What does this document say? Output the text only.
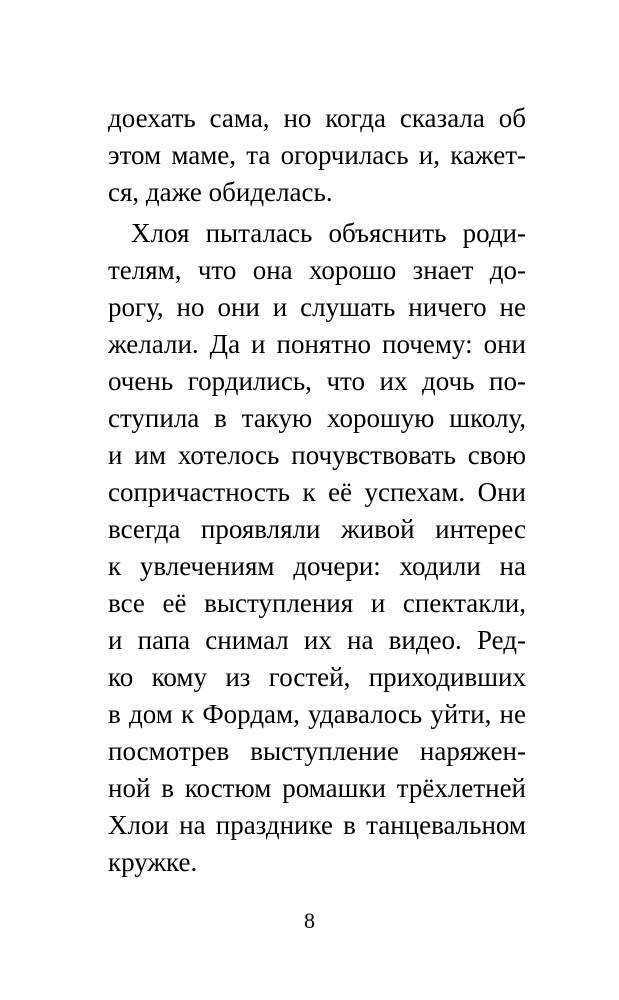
доехать сама, но когда сказала об
этом маме, та огорчилась и, кажет-
ся, даже обиделась.
Хлоя пыталась объяснить роди-
телям, что она хорошо знает до-
рогу, но они и слушать ничего не
желали. Да и понятно почему: они
очень гордились, что их дочь по-
ступила в такую хорошую школу,
и им хотелось почувствовать свою
сопричастность к её успехам. Они
всегда проявляли живой интерес
к увлечениям дочери: ходили на
все её выступления и спектакли,
и папа снимал их на видео. Ред-
ко кому из гостей, приходивших
в дом к Фордам, удавалось уйти, не
посмотрев выступление наряжен-
ной в костюм ромашки трёхлетней
Хлои на празднике в танцевальном
кружке.
8
